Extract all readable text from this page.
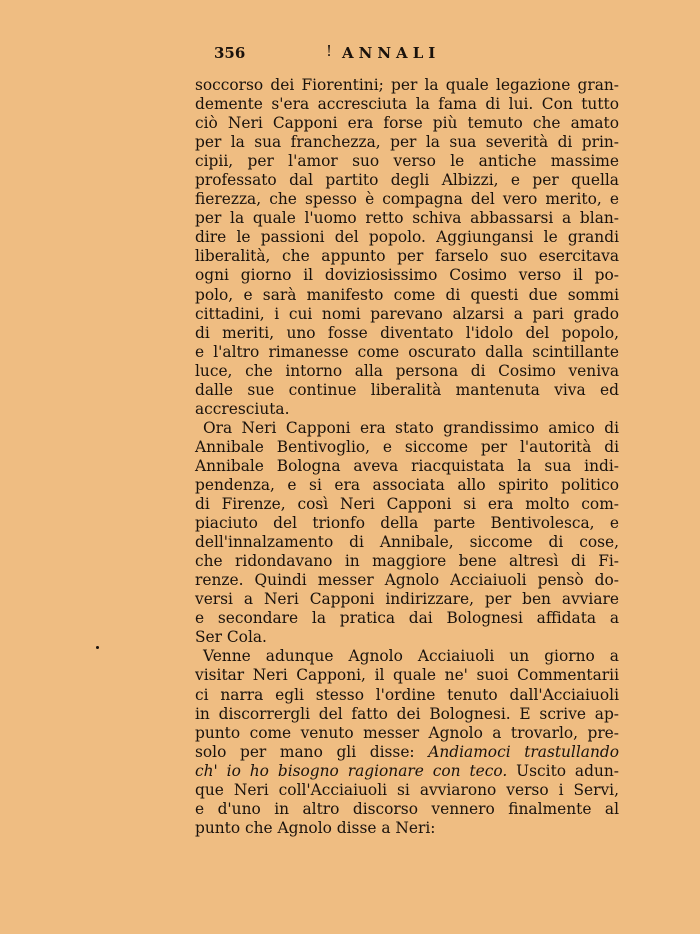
356	! ANNALI
soccorso dei Fiorentini; per la quale legazione gran-
demente s'era accresciuta la fama di lui. Con tutto
ciò Neri Capponi era forse più temuto che amato
per la sua franchezza, per la sua severità di prin-
cipii, per l'amor suo verso le antiche massime
professato dal partito degli Albizzi, e per quella
fierezza, che spesso è compagna del vero merito, e
per la quale l'uomo retto schiva abbassarsi a blan-
dire le passioni del popolo. Aggiungansi le grandi
liberalità, che appunto per farselo suo esercitava
ogni giorno il doviziosissimo Cosimo verso il po-
polo, e sarà manifesto come di questi due sommi
cittadini, i cui nomi parevano alzarsi a pari grado
di meriti, uno fosse diventato l'idolo del popolo,
e l'altro rimanesse come oscurato dalla scintillante
luce, che intorno alla persona di Cosimo veniva
dalle sue continue liberalità mantenuta viva ed
accresciuta.
Ora Neri Capponi era stato grandissimo amico di
Annibale Bentivoglio, e siccome per l'autorità di
Annibale Bologna aveva riacquistata la sua indi-
pendenza, e si era associata allo spirito politico
di Firenze, così Neri Capponi si era molto com-
piaciuto del trionfo della parte Bentivolesca, e
dell'innalzamento di Annibale, siccome di cose,
che ridondavano in maggiore bene altresì di Fi-
renze. Quindi messer Agnolo Acciaiuoli pensò do-
versi a Neri Capponi indirizzare, per ben avviare
e secondare la pratica dai Bolognesi affidata a
Ser Cola.
Venne adunque Agnolo Acciaiuoli un giorno a
visitar Neri Capponi, il quale ne' suoi Commentarii
ci narra egli stesso l'ordine tenuto dall'Acciaiuoli
in discorrergli del fatto dei Bolognesi. E scrive ap-
punto come venuto messer Agnolo a trovarlo, pre-
solo per mano gli disse: Andiamoci trastullando
ch' io ho bisogno ragionare con teco. Uscito adun-
que Neri coll'Acciaiuoli si avviarono verso i Servi,
e d'uno in altro discorso vennero finalmente al
punto che Agnolo disse a Neri:
